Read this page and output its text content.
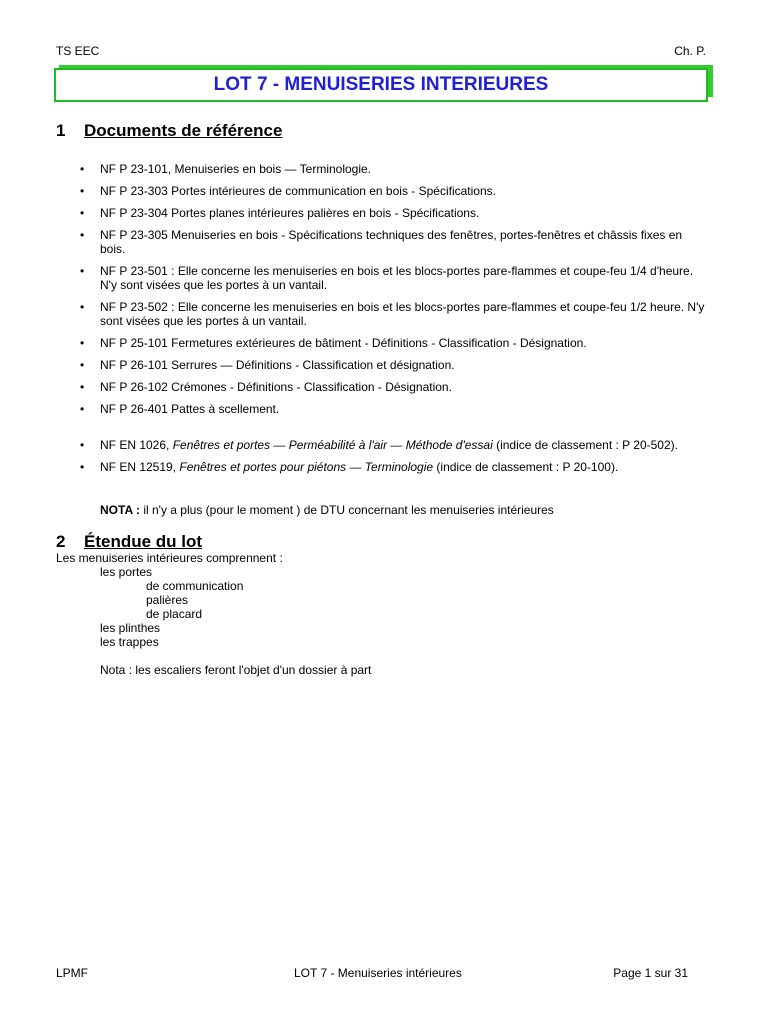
TS EEC	Ch. P.
LOT 7 - MENUISERIES INTERIEURES
1 Documents de référence
• NF P 23-101, Menuiseries en bois — Terminologie.
• NF P 23-303 Portes intérieures de communication en bois - Spécifications.
• NF P 23-304 Portes planes intérieures palières en bois - Spécifications.
• NF P 23-305 Menuiseries en bois - Spécifications techniques des fenêtres, portes-fenêtres et châssis fixes en bois.
• NF P 23-501 : Elle concerne les menuiseries en bois et les blocs-portes pare-flammes et coupe-feu 1/4 d'heure. N'y sont visées que les portes à un vantail.
• NF P 23-502 : Elle concerne les menuiseries en bois et les blocs-portes pare-flammes et coupe-feu 1/2 heure. N'y sont visées que les portes à un vantail.
• NF P 25-101 Fermetures extérieures de bâtiment - Définitions - Classification - Désignation.
• NF P 26-101 Serrures — Définitions - Classification et désignation.
• NF P 26-102 Crémones - Définitions - Classification - Désignation.
• NF P 26-401 Pattes à scellement.
• NF EN 1026, Fenêtres et portes — Perméabilité à l'air — Méthode d'essai (indice de classement : P 20-502).
• NF EN 12519, Fenêtres et portes pour piétons — Terminologie (indice de classement : P 20-100).
NOTA : il n'y a plus (pour le moment ) de DTU concernant les menuiseries intérieures
2 Étendue du lot
Les menuiseries intérieures comprennent :
les portes
de communication
palières
de placard
les plinthes
les trappes
Nota : les escaliers feront l'objet d'un dossier à part
LPMF	LOT 7 - Menuiseries intérieures	Page 1 sur 31
